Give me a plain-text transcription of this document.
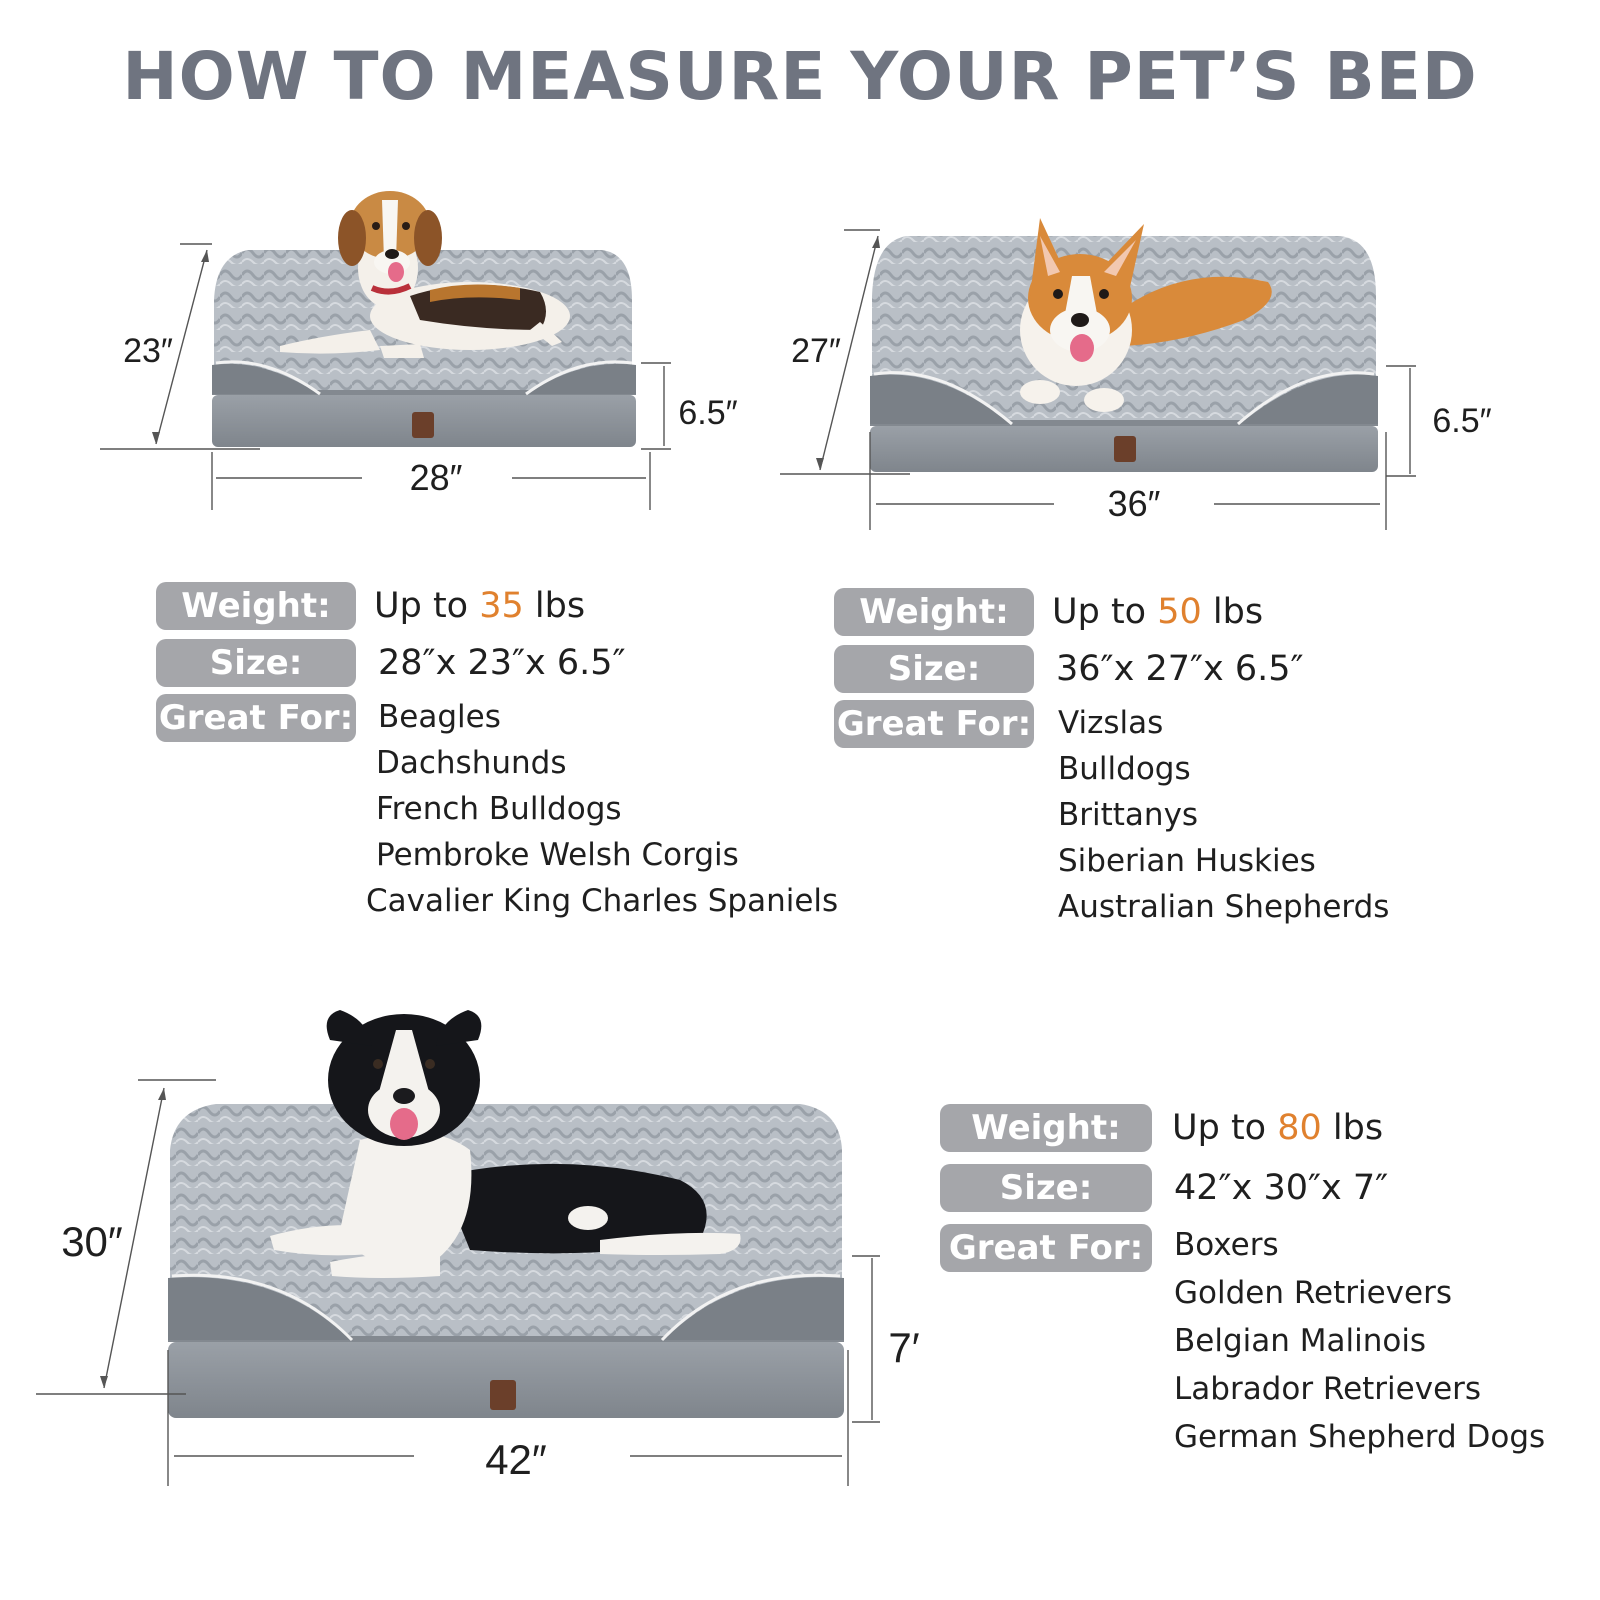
HOW TO MEASURE YOUR PET’S BED
23″
6.5″
28″
27″
6.5″
36″
30″
7′
42″
Weight:	Up to 35 lbs
Size:	28″x 23″x 6.5″
Great For: Beagles
Dachshunds
French Bulldogs
Pembroke Welsh Corgis
Cavalier King Charles Spaniels
Weight:	Up to 50 lbs
Size:	36″x 27″x 6.5″
Great For: Vizslas
Bulldogs
Brittanys
Siberian Huskies
Australian Shepherds
Weight:	Up to 80 lbs
Size:	42″x 30″x 7″
Great For: Boxers
Golden Retrievers
Belgian Malinois
Labrador Retrievers
German Shepherd Dogs
